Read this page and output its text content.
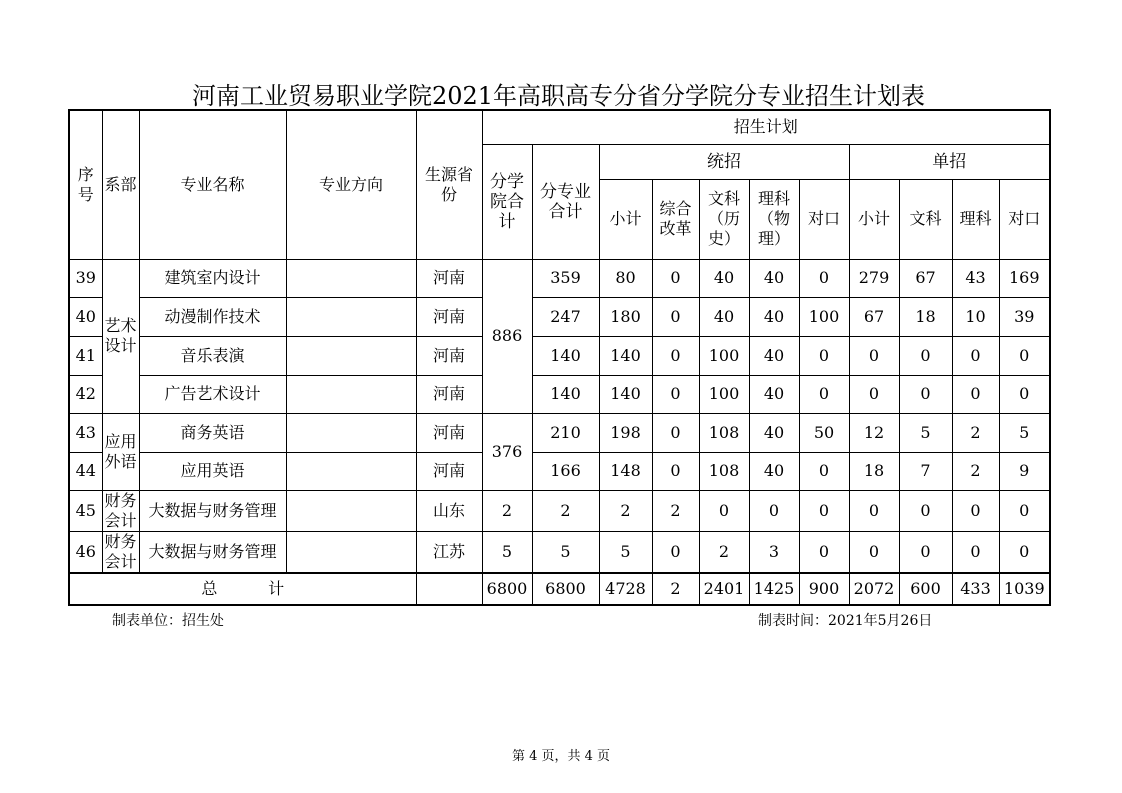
河南工业贸易职业学院2021年高职高专分省分学院分专业招生计划表
序号	系部	专业名称	专业方向	生源省份	招生计划										
					分学院合计	分专业合计	统招					单招			
							小计	综合改革	文科（历史）	理科（物理）	对口	小计	文科	理科	对口

39	艺术设计	建筑室内设计		河南	886	359	80	0	40	40	0	279	67	43	169
40		动漫制作技术		河南		247	180	0	40	40	100	67	18	10	39
41		音乐表演		河南		140	140	0	100	40	0	0	0	0	0
42		广告艺术设计		河南		140	140	0	100	40	0	0	0	0	0
43	应用外语	商务英语		河南	376	210	198	0	108	40	50	12	5	2	5
44		应用英语		河南		166	148	0	108	40	0	18	7	2	9
45	财务会计	大数据与财务管理		山东	2	2	2	2	0	0	0	0	0	0	0
46	财务会计	大数据与财务管理		江苏	5	5	5	0	2	3	0	0	0	0	0
总          计					6800	6800	4728	2	2401	1425	900	2072	600	433	1039
制表单位：招生处	制表时间：2021年5月26日
第 4 页，共 4 页
